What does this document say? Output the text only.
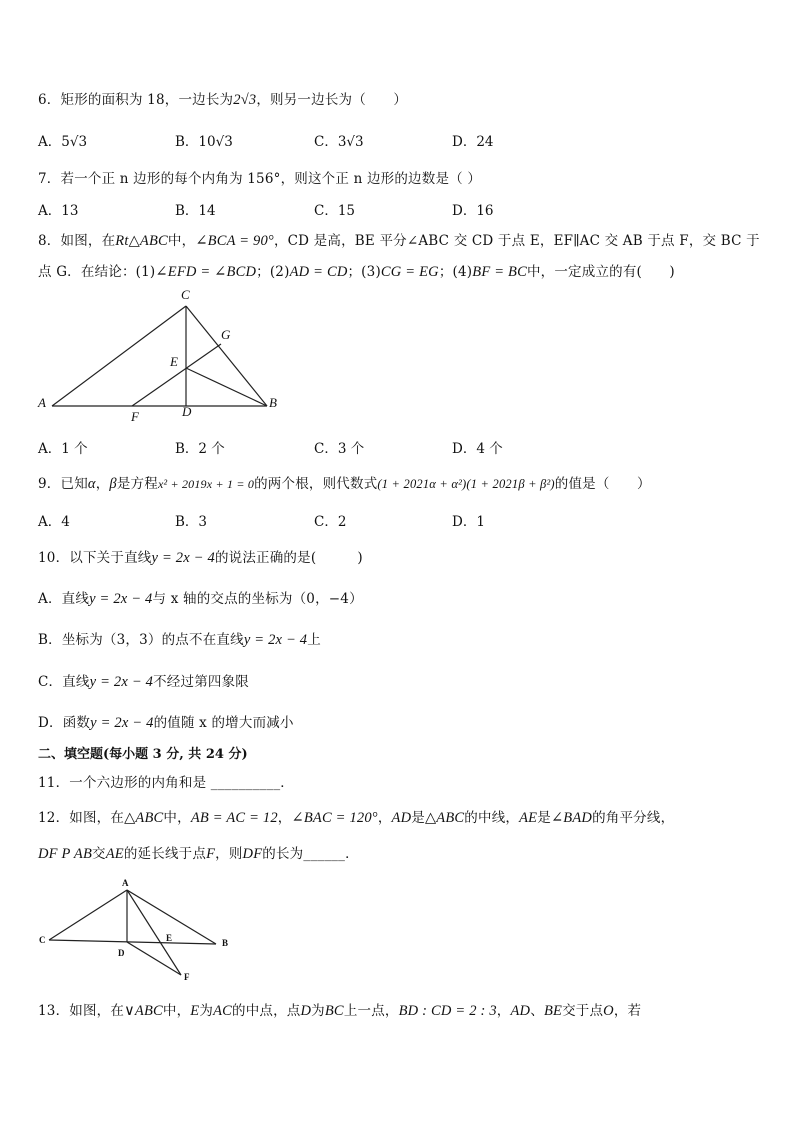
6．矩形的面积为 18，一边长为2√3，则另一边长为（　　）
A．5√3	B．10√3	C．3√3	D．24
7．若一个正 n 边形的每个内角为 156°，则这个正 n 边形的边数是（ ）
A．13	B．14	C．15	D．16
8．如图，在Rt△ABC中，∠BCA = 90°，CD 是高，BE 平分∠ABC 交 CD 于点 E，EF∥AC 交 AB 于点 F，交 BC 于
点 G．在结论：(1)∠EFD = ∠BCD；(2)AD = CD；(3)CG = EG；(4)BF = BC中，一定成立的有(　　)
C
A	B
G
E
D
F
A．1 个	B．2 个	C．3 个	D．4 个
9．已知α，β是方程x² + 2019x + 1 = 0的两个根，则代数式(1 + 2021α + α²)(1 + 2021β + β²)的值是（　　）
A．4	B．3	C．2	D．1
10．以下关于直线y = 2x − 4的说法正确的是(　　　)
A．直线y = 2x − 4与 x 轴的交点的坐标为（0，−4）
B．坐标为（3，3）的点不在直线y = 2x − 4上
C．直线y = 2x − 4不经过第四象限
D．函数y = 2x − 4的值随 x 的增大而减小
二、填空题(每小题 3 分, 共 24 分)
11．一个六边形的内角和是 __________．
12．如图，在△ABC中，AB = AC = 12，∠BAC = 120°，AD是△ABC的中线，AE是∠BAD的角平分线，
DF P AB交AE的延长线于点F，则DF的长为______．
A
C	B
D
E
F
13．如图，在∨ABC中，E为AC的中点，点D为BC上一点，BD : CD = 2 : 3，AD、BE交于点O，若
